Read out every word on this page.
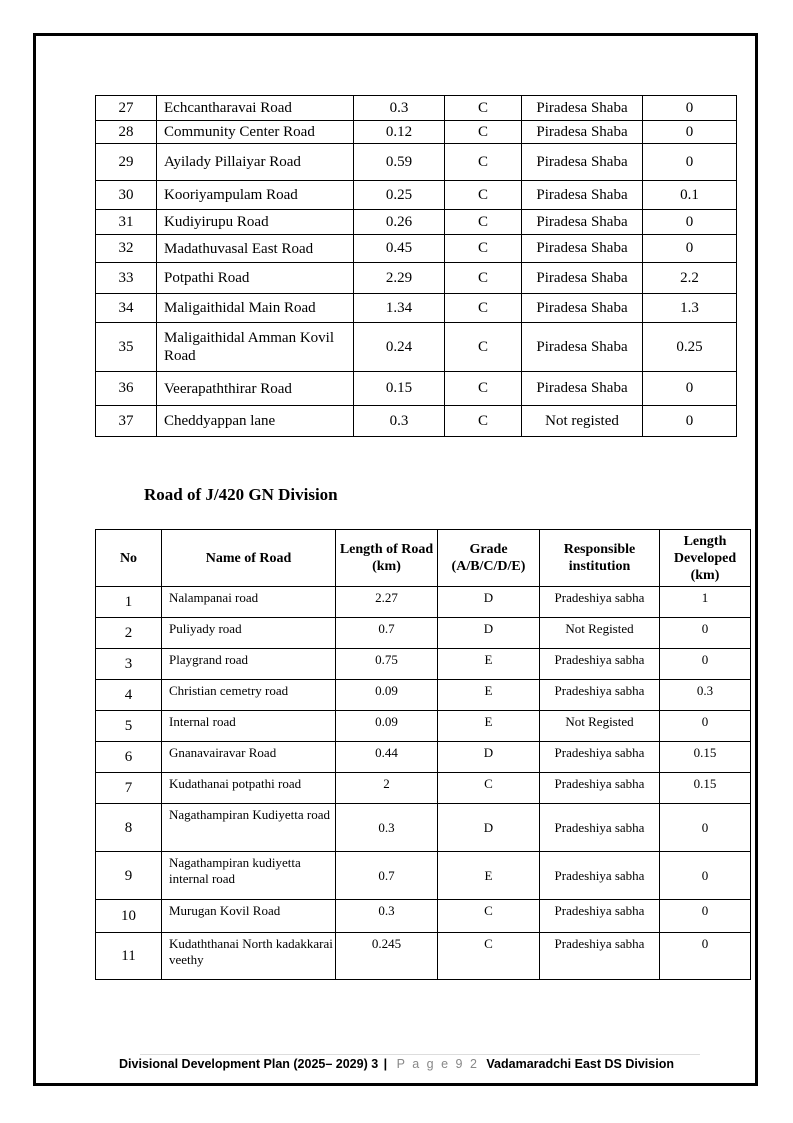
27	Echcantharavai Road	0.3	C	Piradesa Shaba	0
28	Community Center Road	0.12	C	Piradesa Shaba	0
29	Ayilady Pillaiyar Road	0.59	C	Piradesa Shaba	0
30	Kooriyampulam Road	0.25	C	Piradesa Shaba	0.1
31	Kudiyirupu Road	0.26	C	Piradesa Shaba	0
32	Madathuvasal East Road	0.45	C	Piradesa Shaba	0
33	Potpathi Road	2.29	C	Piradesa Shaba	2.2
34	Maligaithidal Main Road	1.34	C	Piradesa Shaba	1.3
35	Maligaithidal Amman Kovil Road	0.24	C	Piradesa Shaba	0.25
36	Veerapaththirar Road	0.15	C	Piradesa Shaba	0
37	Cheddyappan lane	0.3	C	Not registed	0
Road of J/420 GN Division
No	Name of Road	Length of Road (km)	Grade (A/B/C/D/E)	Responsible institution	Length Developed (km)
1	Nalampanai road	2.27	D	Pradeshiya sabha	1
2	Puliyady road	0.7	D	Not Registed	0
3	Playgrand road	0.75	E	Pradeshiya sabha	0
4	Christian cemetry road	0.09	E	Pradeshiya sabha	0.3
5	Internal road	0.09	E	Not Registed	0
6	Gnanavairavar Road	0.44	D	Pradeshiya sabha	0.15
7	Kudathanai potpathi road	2	C	Pradeshiya sabha	0.15
8	Nagathampiran Kudiyetta road	0.3	D	Pradeshiya sabha	0
9	Nagathampiran kudiyetta internal road	0.7	E	Pradeshiya sabha	0
10	Murugan Kovil Road	0.3	C	Pradeshiya sabha	0
11	Kudaththanai North kadakkarai veethy	0.245	C	Pradeshiya sabha	0
Divisional Development Plan (2025– 2029) 3 | P a g e 9 2 Vadamaradchi East DS Division
